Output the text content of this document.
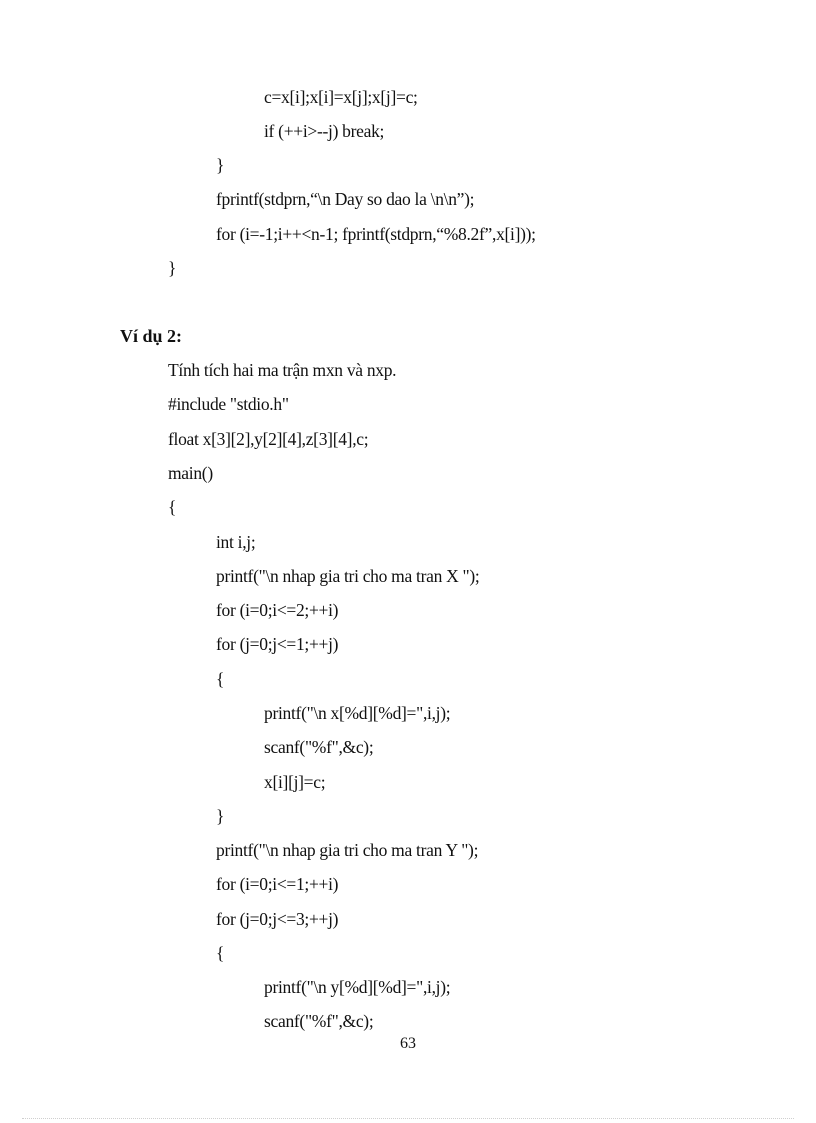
c=x[i];x[i]=x[j];x[j]=c;
if (++i>--j) break;
}
fprintf(stdprn,“\n Day so dao la \n\n”);
for (i=-1;i++<n-1; fprintf(stdprn,“%8.2f”,x[i]));
}
Ví dụ 2:
Tính tích hai ma trận mxn và nxp.
#include "stdio.h"
float x[3][2],y[2][4],z[3][4],c;
main()
{
int i,j;
printf("\n nhap gia tri cho ma tran X ");
for (i=0;i<=2;++i)
for (j=0;j<=1;++j)
{
printf("\n x[%d][%d]=",i,j);
scanf("%f",&c);
x[i][j]=c;
}
printf("\n nhap gia tri cho ma tran Y ");
for (i=0;i<=1;++i)
for (j=0;j<=3;++j)
{
printf("\n y[%d][%d]=",i,j);
scanf("%f",&c);
63
